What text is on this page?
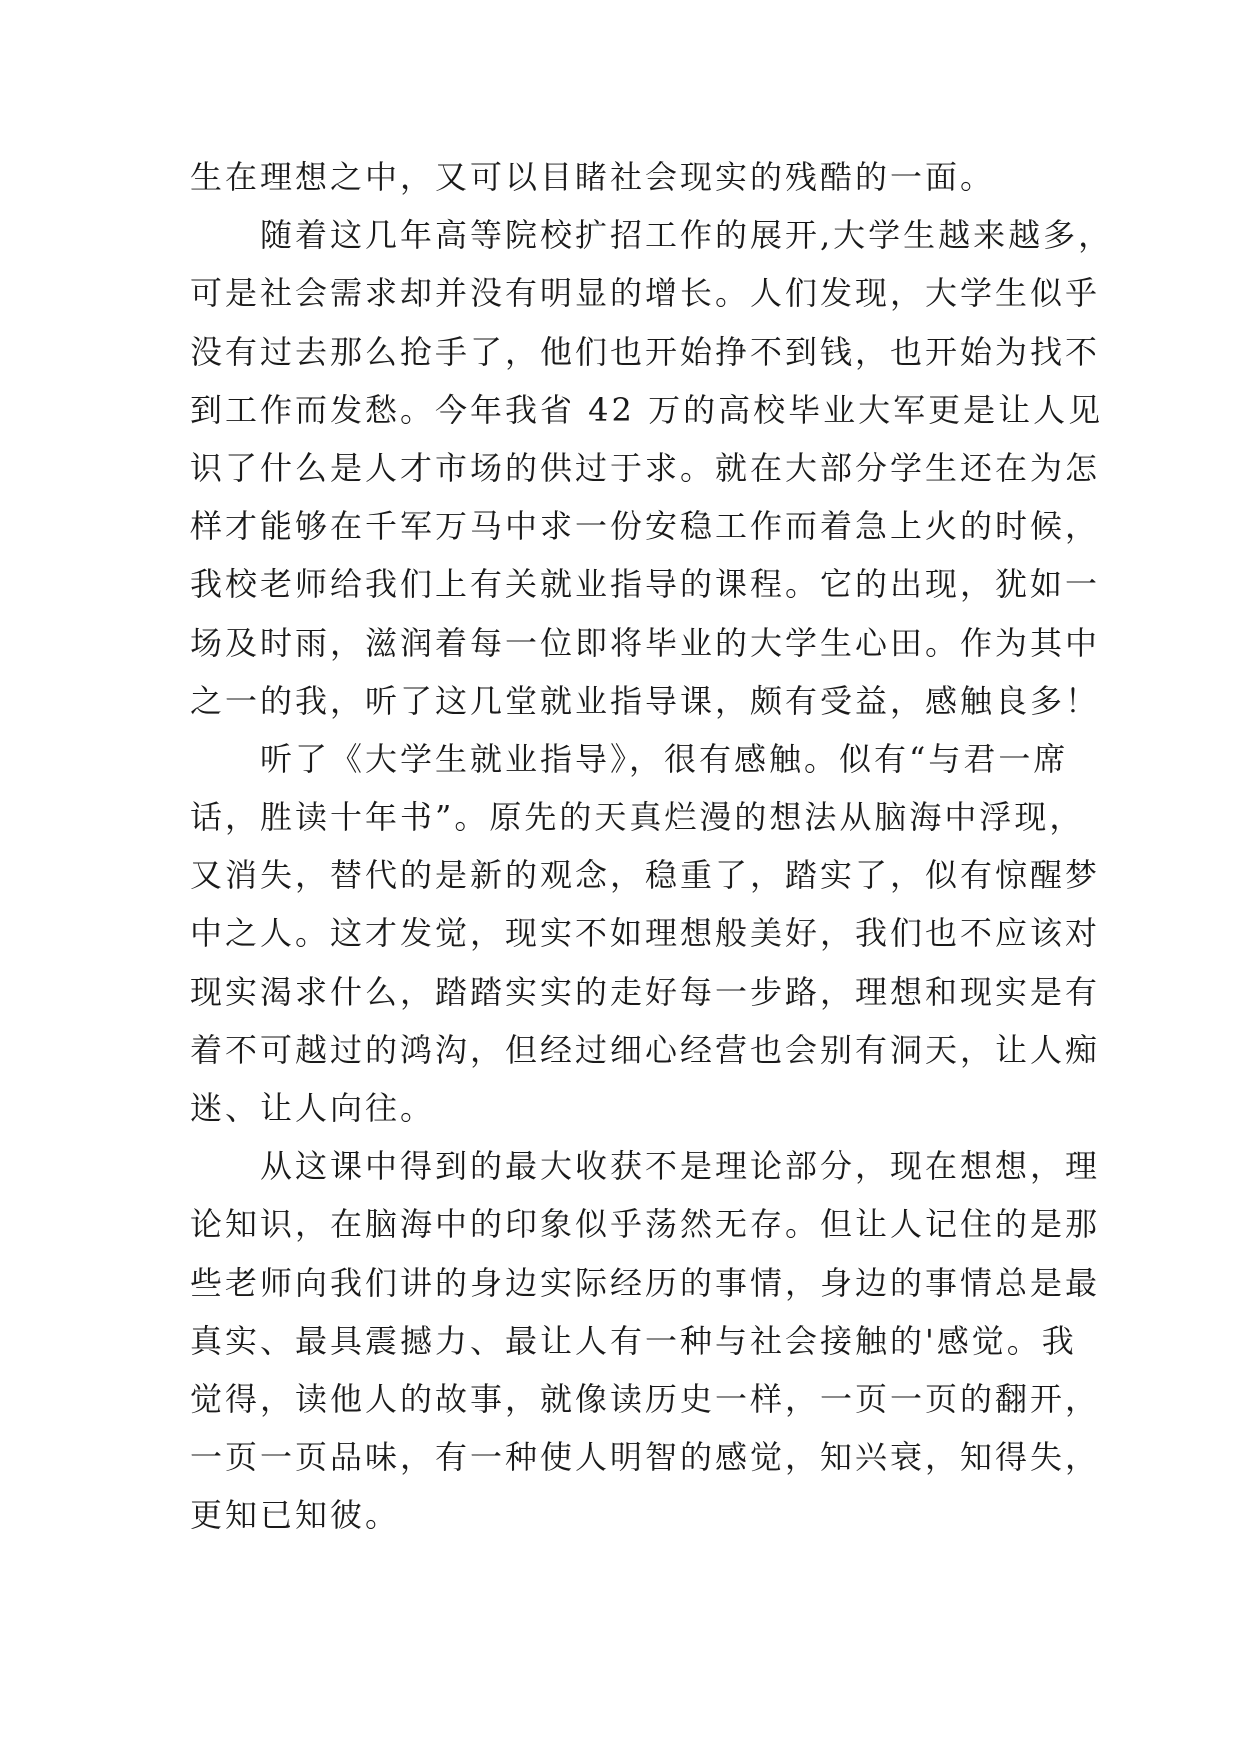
生在理想之中，又可以目睹社会现实的残酷的一面。
随着这几年高等院校扩招工作的展开,大学生越来越多，
可是社会需求却并没有明显的增长。人们发现，大学生似乎
没有过去那么抢手了，他们也开始挣不到钱，也开始为找不
到工作而发愁。今年我省 42 万的高校毕业大军更是让人见
识了什么是人才市场的供过于求。就在大部分学生还在为怎
样才能够在千军万马中求一份安稳工作而着急上火的时候，
我校老师给我们上有关就业指导的课程。它的出现，犹如一
场及时雨，滋润着每一位即将毕业的大学生心田。作为其中
之一的我，听了这几堂就业指导课，颇有受益，感触良多！
听了《大学生就业指导》，很有感触。似有“与君一席
话，胜读十年书”。原先的天真烂漫的想法从脑海中浮现，
又消失，替代的是新的观念，稳重了，踏实了，似有惊醒梦
中之人。这才发觉，现实不如理想般美好，我们也不应该对
现实渴求什么，踏踏实实的走好每一步路，理想和现实是有
着不可越过的鸿沟，但经过细心经营也会别有洞天，让人痴
迷、让人向往。
从这课中得到的最大收获不是理论部分，现在想想，理
论知识，在脑海中的印象似乎荡然无存。但让人记住的是那
些老师向我们讲的身边实际经历的事情，身边的事情总是最
真实、最具震撼力、最让人有一种与社会接触的'感觉。我
觉得，读他人的故事，就像读历史一样，一页一页的翻开，
一页一页品味，有一种使人明智的感觉，知兴衰，知得失，
更知已知彼。
